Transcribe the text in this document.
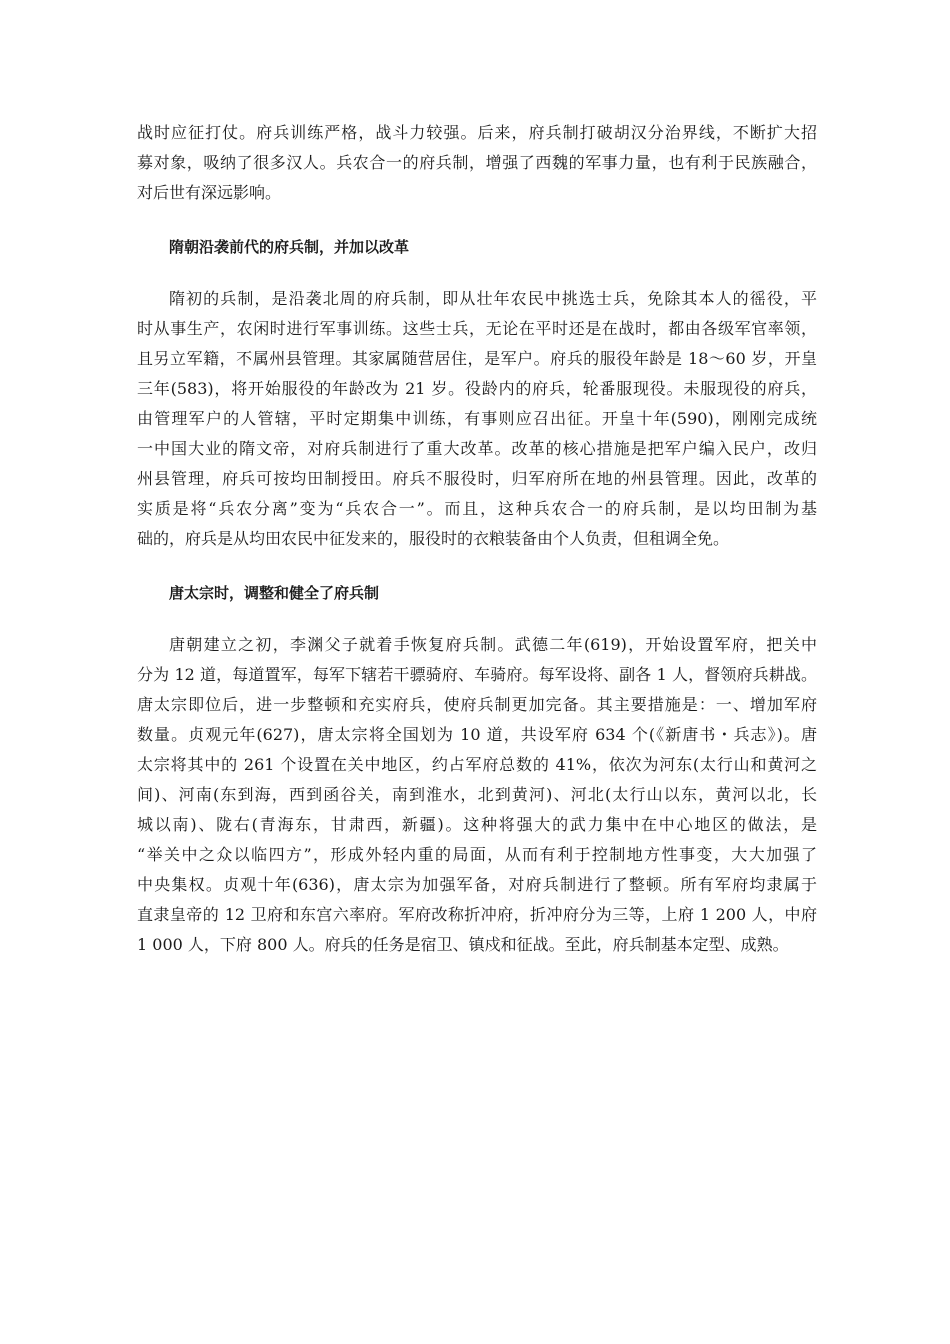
战时应征打仗。府兵训练严格，战斗力较强。后来，府兵制打破胡汉分治界线，不断扩大招
募对象，吸纳了很多汉人。兵农合一的府兵制，增强了西魏的军事力量，也有利于民族融合，
对后世有深远影响。
隋朝沿袭前代的府兵制，并加以改革
隋初的兵制，是沿袭北周的府兵制，即从壮年农民中挑选士兵，免除其本人的徭役，平
时从事生产，农闲时进行军事训练。这些士兵，无论在平时还是在战时，都由各级军官率领，
且另立军籍，不属州县管理。其家属随营居住，是军户。府兵的服役年龄是 18～60 岁，开皇
三年(583)，将开始服役的年龄改为 21 岁。役龄内的府兵，轮番服现役。未服现役的府兵，
由管理军户的人管辖，平时定期集中训练，有事则应召出征。开皇十年(590)，刚刚完成统
一中国大业的隋文帝，对府兵制进行了重大改革。改革的核心措施是把军户编入民户，改归
州县管理，府兵可按均田制授田。府兵不服役时，归军府所在地的州县管理。因此，改革的
实质是将“兵农分离”变为“兵农合一”。而且，这种兵农合一的府兵制，是以均田制为基
础的，府兵是从均田农民中征发来的，服役时的衣粮装备由个人负责，但租调全免。
唐太宗时，调整和健全了府兵制
唐朝建立之初，李渊父子就着手恢复府兵制。武德二年(619)，开始设置军府，把关中
分为 12 道，每道置军，每军下辖若干骠骑府、车骑府。每军设将、副各 1 人，督领府兵耕战。
唐太宗即位后，进一步整顿和充实府兵，使府兵制更加完备。其主要措施是：一、增加军府
数量。贞观元年(627)，唐太宗将全国划为 10 道，共设军府 634 个(《新唐书・兵志》)。唐
太宗将其中的 261 个设置在关中地区，约占军府总数的 41%，依次为河东(太行山和黄河之
间)、河南(东到海，西到函谷关，南到淮水，北到黄河)、河北(太行山以东，黄河以北，长
城以南)、陇右(青海东，甘肃西，新疆)。这种将强大的武力集中在中心地区的做法，是
“举关中之众以临四方”，形成外轻内重的局面，从而有利于控制地方性事变，大大加强了
中央集权。贞观十年(636)，唐太宗为加强军备，对府兵制进行了整顿。所有军府均隶属于
直隶皇帝的 12 卫府和东宫六率府。军府改称折冲府，折冲府分为三等，上府 1 200 人，中府
1 000 人，下府 800 人。府兵的任务是宿卫、镇戍和征战。至此，府兵制基本定型、成熟。
